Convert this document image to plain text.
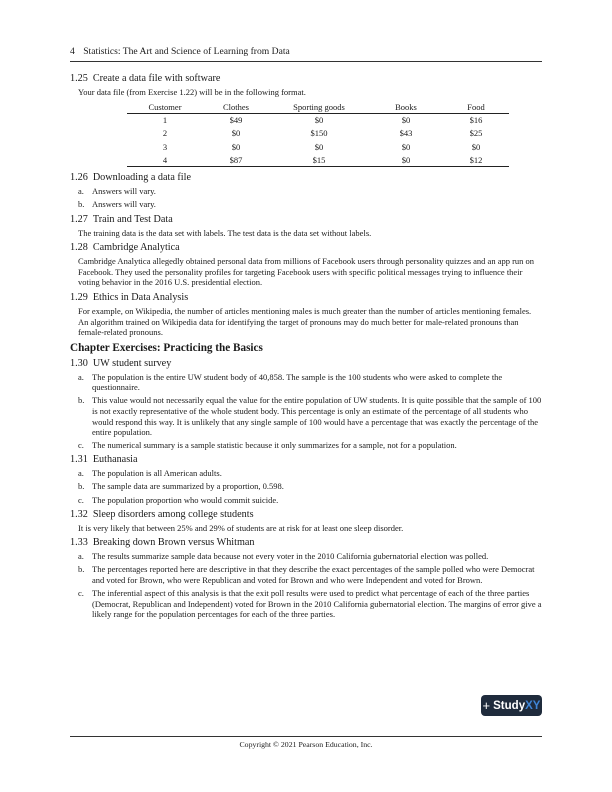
4 Statistics: The Art and Science of Learning from Data
1.25 Create a data file with software
Your data file (from Exercise 1.22) will be in the following format.
Customer	Clothes	Sporting goods	Books	Food
1	$49	$0	$0	$16
2	$0	$150	$43	$25
3	$0	$0	$0	$0
4	$87	$15	$0	$12
1.26 Downloading a data file
a. Answers will vary.
b. Answers will vary.
1.27 Train and Test Data
The training data is the data set with labels. The test data is the data set without labels.
1.28 Cambridge Analytica
Cambridge Analytica allegedly obtained personal data from millions of Facebook users through personality quizzes and an app run on Facebook. They used the personality profiles for targeting Facebook users with specific political messages trying to influence their voting behavior in the 2016 U.S. presidential election.
1.29 Ethics in Data Analysis
For example, on Wikipedia, the number of articles mentioning males is much greater than the number of articles mentioning females. An algorithm trained on Wikipedia data for identifying the target of pronouns may do much better for male-related pronouns than female-related pronouns.
Chapter Exercises: Practicing the Basics
1.30 UW student survey
a. The population is the entire UW student body of 40,858. The sample is the 100 students who were asked to complete the questionnaire.
b. This value would not necessarily equal the value for the entire population of UW students. It is quite possible that the sample of 100 is not exactly representative of the whole student body. This percentage is only an estimate of the percentage of all students who would respond this way. It is unlikely that any single sample of 100 would have a percentage that was exactly the percentage of the entire population.
c. The numerical summary is a sample statistic because it only summarizes for a sample, not for a population.
1.31 Euthanasia
a. The population is all American adults.
b. The sample data are summarized by a proportion, 0.598.
c. The population proportion who would commit suicide.
1.32 Sleep disorders among college students
It is very likely that between 25% and 29% of students are at risk for at least one sleep disorder.
1.33 Breaking down Brown versus Whitman
a. The results summarize sample data because not every voter in the 2010 California gubernatorial election was polled.
b. The percentages reported here are descriptive in that they describe the exact percentages of the sample polled who were Democrat and voted for Brown, who were Republican and voted for Brown and who were Independent and voted for Brown.
c. The inferential aspect of this analysis is that the exit poll results were used to predict what percentage of each of the three parties (Democrat, Republican and Independent) voted for Brown in the 2010 California gubernatorial election. The margins of error give a likely range for the population percentages for each of the three parties.
+ Study XY
Copyright © 2021 Pearson Education, Inc.
